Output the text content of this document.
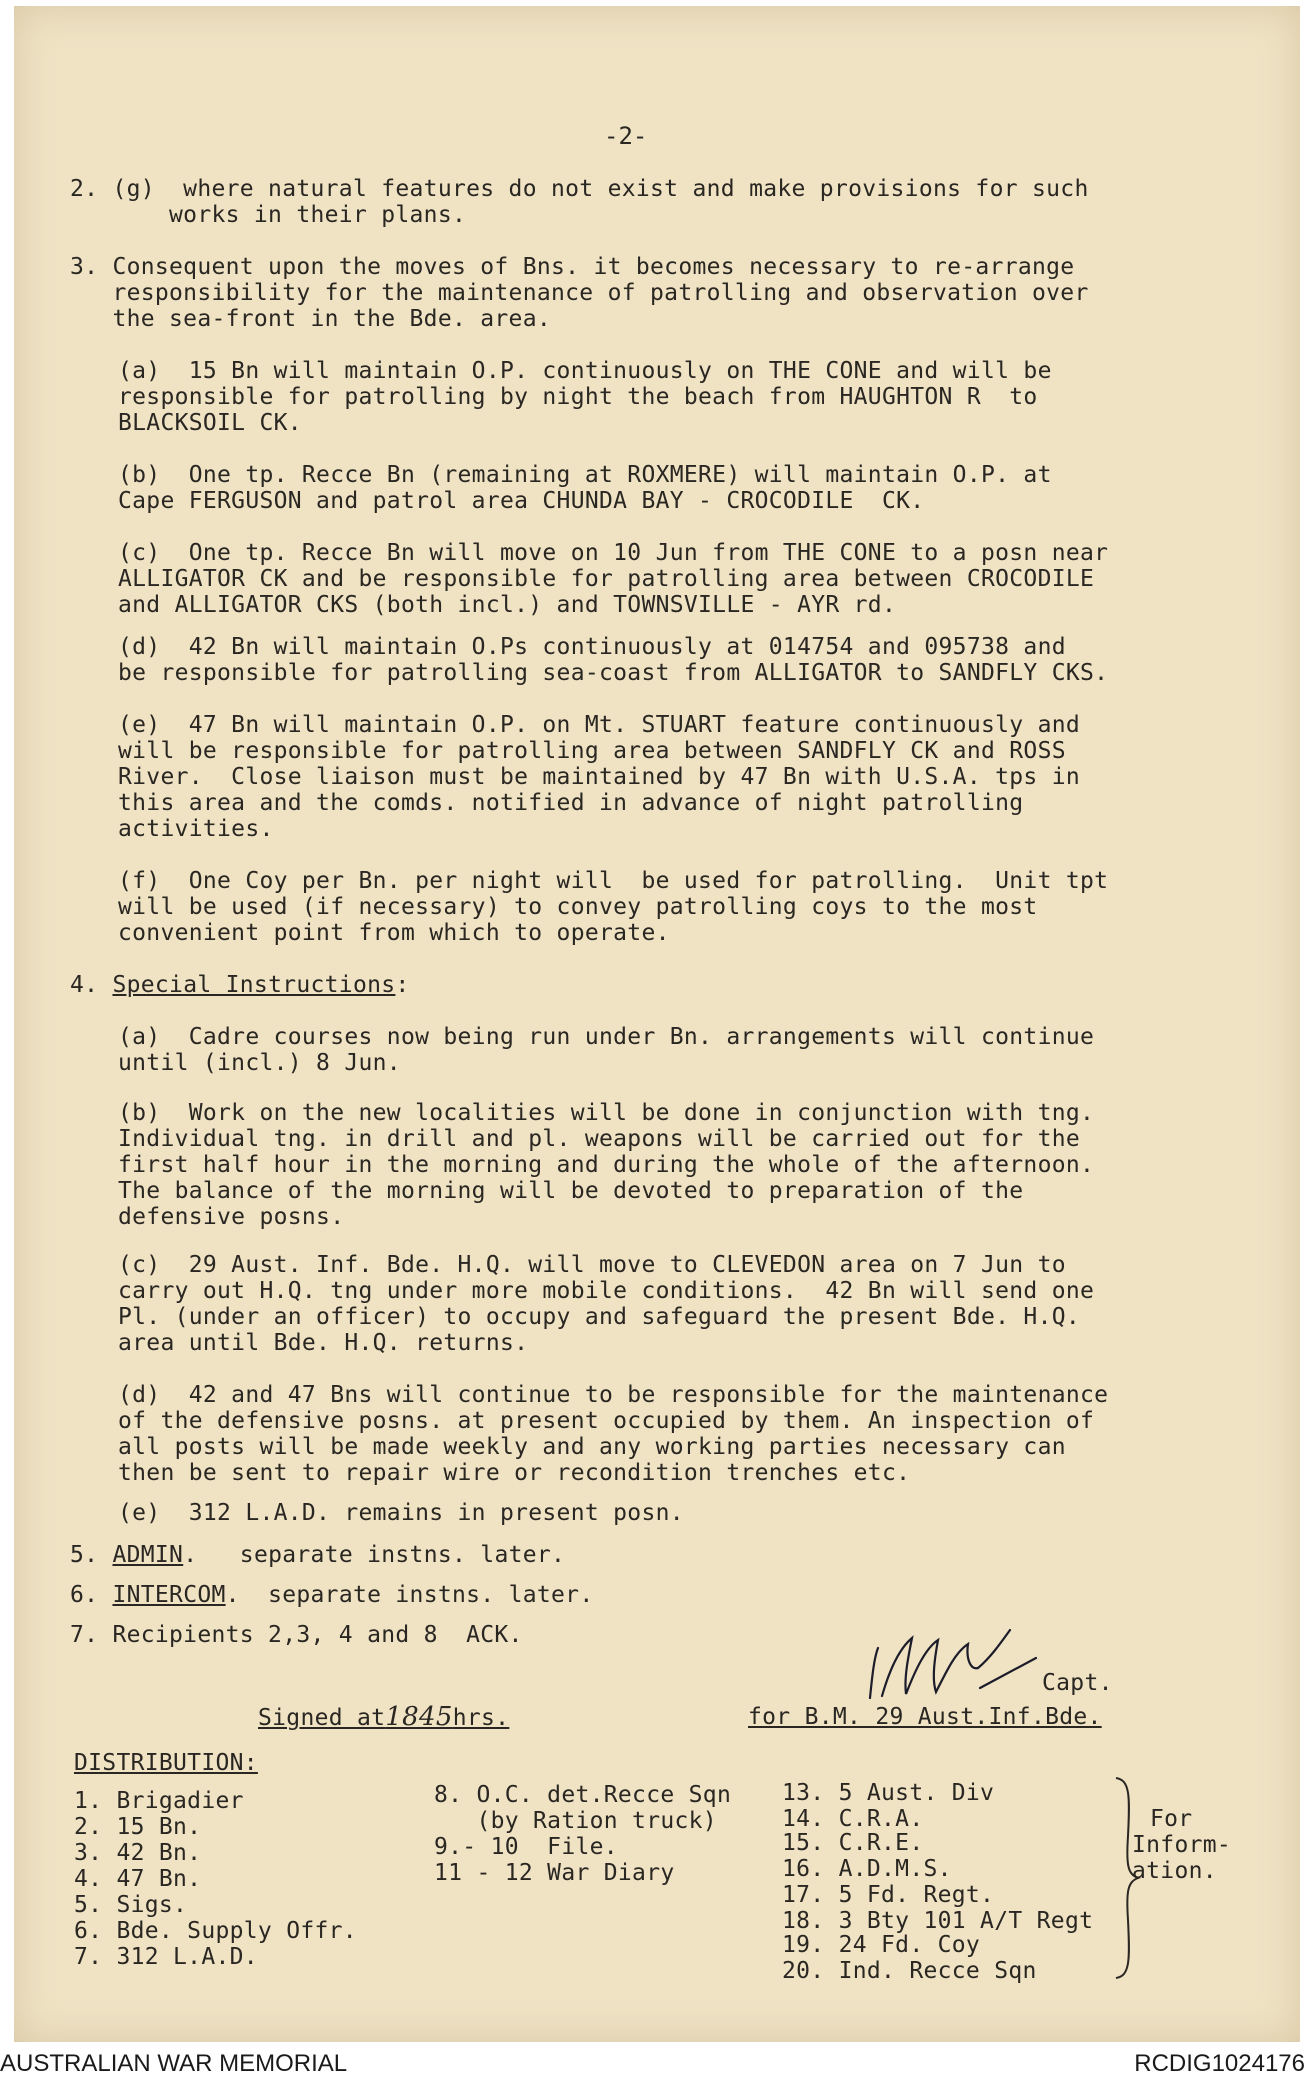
-2-
2. (g)  where natural features do not exist and make provisions for such
works in their plans.
3. Consequent upon the moves of Bns. it becomes necessary to re-arrange
responsibility for the maintenance of patrolling and observation over
the sea-front in the Bde. area.
(a)  15 Bn will maintain O.P. continuously on THE CONE and will be
responsible for patrolling by night the beach from HAUGHTON R  to
BLACKSOIL CK.
(b)  One tp. Recce Bn (remaining at ROXMERE) will maintain O.P. at
Cape FERGUSON and patrol area CHUNDA BAY - CROCODILE  CK.
(c)  One tp. Recce Bn will move on 10 Jun from THE CONE to a posn near
ALLIGATOR CK and be responsible for patrolling area between CROCODILE
and ALLIGATOR CKS (both incl.) and TOWNSVILLE - AYR rd.
(d)  42 Bn will maintain O.Ps continuously at 014754 and 095738 and
be responsible for patrolling sea-coast from ALLIGATOR to SANDFLY CKS.
(e)  47 Bn will maintain O.P. on Mt. STUART feature continuously and
will be responsible for patrolling area between SANDFLY CK and ROSS
River.  Close liaison must be maintained by 47 Bn with U.S.A. tps in
this area and the comds. notified in advance of night patrolling
activities.
(f)  One Coy per Bn. per night will  be used for patrolling.  Unit tpt
will be used (if necessary) to convey patrolling coys to the most
convenient point from which to operate.
4. Special Instructions:
(a)  Cadre courses now being run under Bn. arrangements will continue
until (incl.) 8 Jun.
(b)  Work on the new localities will be done in conjunction with tng.
Individual tng. in drill and pl. weapons will be carried out for the
first half hour in the morning and during the whole of the afternoon.
The balance of the morning will be devoted to preparation of the
defensive posns.
(c)  29 Aust. Inf. Bde. H.Q. will move to CLEVEDON area on 7 Jun to
carry out H.Q. tng under more mobile conditions.  42 Bn will send one
Pl. (under an officer) to occupy and safeguard the present Bde. H.Q.
area until Bde. H.Q. returns.
(d)  42 and 47 Bns will continue to be responsible for the maintenance
of the defensive posns. at present occupied by them. An inspection of
all posts will be made weekly and any working parties necessary can
then be sent to repair wire or recondition trenches etc.
(e)  312 L.A.D. remains in present posn.
5. ADMIN.   separate instns. later.
6. INTERCOM.  separate instns. later.
7. Recipients 2,3, 4 and 8  ACK.
Capt.
Signed at1845hrs.	for B.M. 29 Aust.Inf.Bde.
DISTRIBUTION:
1. Brigadier
2. 15 Bn.
3. 42 Bn.
4. 47 Bn.
5. Sigs.
6. Bde. Supply Offr.
7. 312 L.A.D.
8. O.C. det.Recce Sqn
(by Ration truck)
9.- 10  File.
11 - 12 War Diary
13. 5 Aust. Div
14. C.R.A.
15. C.R.E.
16. A.D.M.S.
17. 5 Fd. Regt.
18. 3 Bty 101 A/T Regt
19. 24 Fd. Coy
20. Ind. Recce Sqn
For
Inform-
ation.
AUSTRALIAN WAR MEMORIAL	RCDIG1024176
